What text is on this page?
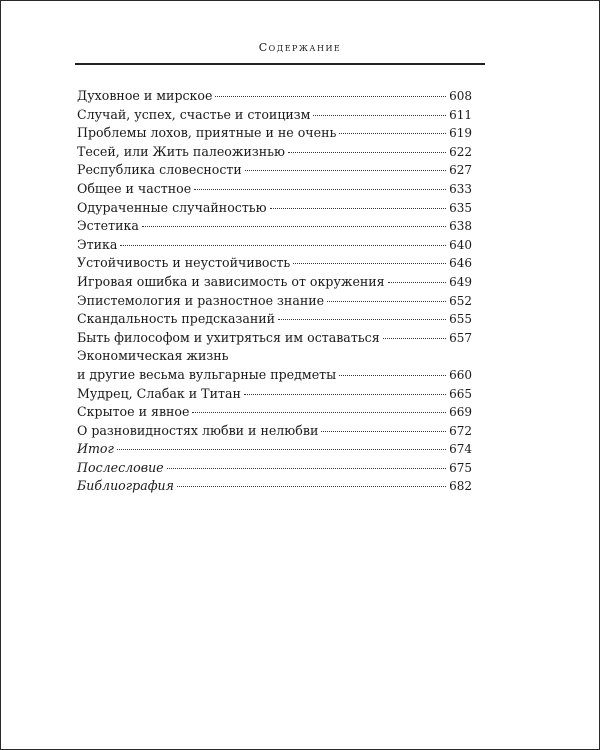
Содержание
Духовное и мирское	608
Случай, успех, счастье и стоицизм	611
Проблемы лохов, приятные и не очень	619
Тесей, или Жить палеожизнью	622
Республика словесности	627
Общее и частное	633
Одураченные случайностью	635
Эстетика	638
Этика	640
Устойчивость и неустойчивость	646
Игровая ошибка и зависимость от окружения	649
Эпистемология и разностное знание	652
Скандальность предсказаний	655
Быть философом и ухитряться им оставаться	657
Экономическая жизнь
и другие весьма вульгарные предметы	660
Мудрец, Слабак и Титан	665
Скрытое и явное	669
О разновидностях любви и нелюбви	672
Итог	674
Послесловие	675
Библиография	682
